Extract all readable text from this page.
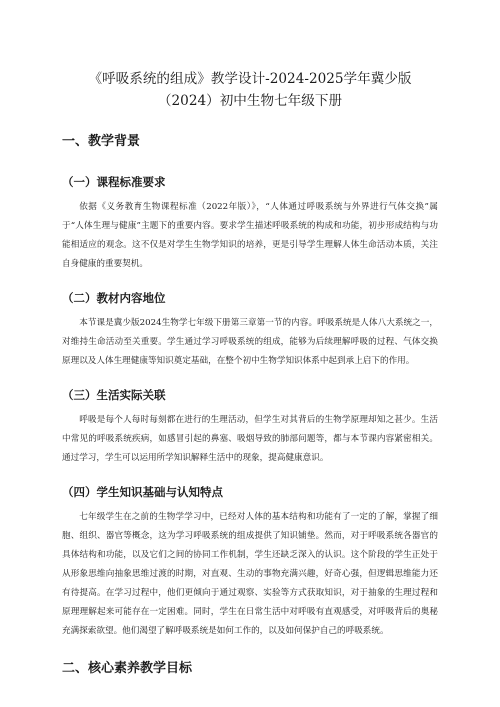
《呼吸系统的组成》教学设计-2024-2025学年冀少版（2024）初中生物七年级下册
一、教学背景
（一）课程标准要求

依据《义务教育生物课程标准（2022年版）》，“人体通过呼吸系统与外界进行气体交换”属于“人体生理与健康”主题下的重要内容。要求学生描述呼吸系统的构成和功能，初步形成结构与功能相适应的观念。这不仅是对学生生物学知识的培养，更是引导学生理解人体生命活动本质，关注自身健康的重要契机。

（二）教材内容地位

本节课是冀少版2024生物学七年级下册第三章第一节的内容。呼吸系统是人体八大系统之一，对维持生命活动至关重要。学生通过学习呼吸系统的组成，能够为后续理解呼吸的过程、气体交换原理以及人体生理健康等知识奠定基础，在整个初中生物学知识体系中起到承上启下的作用。

（三）生活实际关联

呼吸是每个人每时每刻都在进行的生理活动，但学生对其背后的生物学原理却知之甚少。生活中常见的呼吸系统疾病，如感冒引起的鼻塞、吸烟导致的肺部问题等，都与本节课内容紧密相关。通过学习，学生可以运用所学知识解释生活中的现象，提高健康意识。

（四）学生知识基础与认知特点

七年级学生在之前的生物学学习中，已经对人体的基本结构和功能有了一定的了解，掌握了细胞、组织、器官等概念，这为学习呼吸系统的组成提供了知识铺垫。然而，对于呼吸系统各器官的具体结构和功能，以及它们之间的协同工作机制，学生还缺乏深入的认识。这个阶段的学生正处于从形象思维向抽象思维过渡的时期，对直观、生动的事物充满兴趣，好奇心强，但逻辑思维能力还有待提高。在学习过程中，他们更倾向于通过观察、实验等方式获取知识，对于抽象的生理过程和原理理解起来可能存在一定困难。同时，学生在日常生活中对呼吸有直观感受，对呼吸背后的奥秘充满探索欲望。他们渴望了解呼吸系统是如何工作的，以及如何保护自己的呼吸系统。

二、核心素养教学目标
